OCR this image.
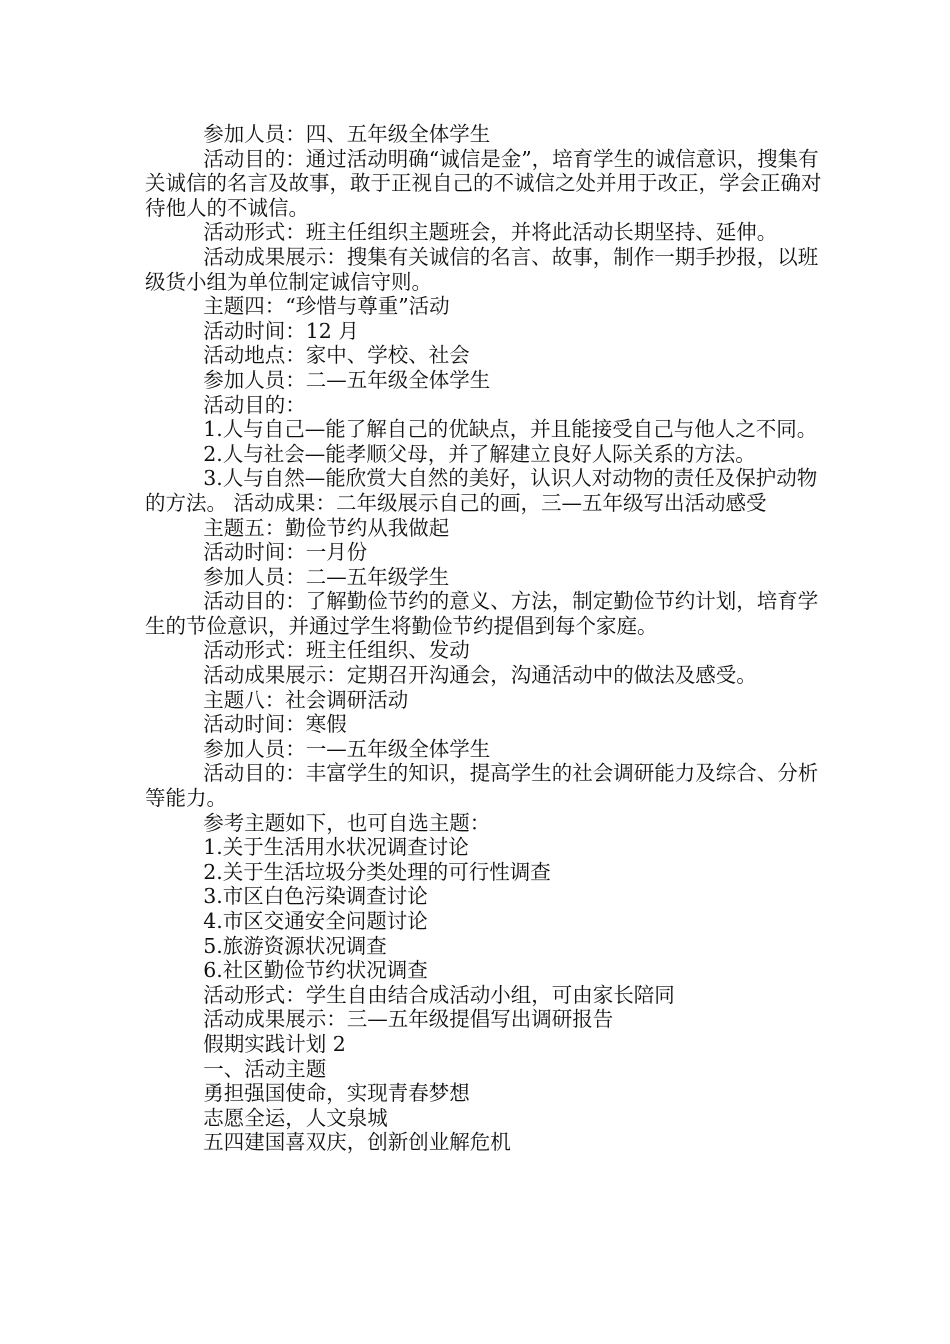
参加人员：四、五年级全体学生

活动目的：通过活动明确“诚信是金”，培育学生的诚信意识，搜集有关诚信的名言及故事，敢于正视自己的不诚信之处并用于改正，学会正确对待他人的不诚信。

活动形式：班主任组织主题班会，并将此活动长期坚持、延伸。

活动成果展示：搜集有关诚信的名言、故事，制作一期手抄报，以班级货小组为单位制定诚信守则。

主题四：“珍惜与尊重”活动

活动时间：12 月

活动地点：家中、学校、社会

参加人员：二—五年级全体学生

活动目的：

1.人与自己—能了解自己的优缺点，并且能接受自己与他人之不同。

2.人与社会—能孝顺父母，并了解建立良好人际关系的方法。

3.人与自然—能欣赏大自然的美好，认识人对动物的责任及保护动物的方法。 活动成果：二年级展示自己的画，三—五年级写出活动感受

主题五：勤俭节约从我做起

活动时间：一月份

参加人员：二—五年级学生

活动目的：了解勤俭节约的意义、方法，制定勤俭节约计划，培育学生的节俭意识，并通过学生将勤俭节约提倡到每个家庭。

活动形式：班主任组织、发动

活动成果展示：定期召开沟通会，沟通活动中的做法及感受。

主题八：社会调研活动

活动时间：寒假

参加人员：一—五年级全体学生

活动目的：丰富学生的知识，提高学生的社会调研能力及综合、分析等能力。

参考主题如下，也可自选主题：

1.关于生活用水状况调查讨论

2.关于生活垃圾分类处理的可行性调查

3.市区白色污染调查讨论

4.市区交通安全问题讨论

5.旅游资源状况调查

6.社区勤俭节约状况调查

活动形式：学生自由结合成活动小组，可由家长陪同

活动成果展示：三—五年级提倡写出调研报告

假期实践计划 2

一、活动主题

勇担强国使命，实现青春梦想

志愿全运，人文泉城

五四建国喜双庆，创新创业解危机
